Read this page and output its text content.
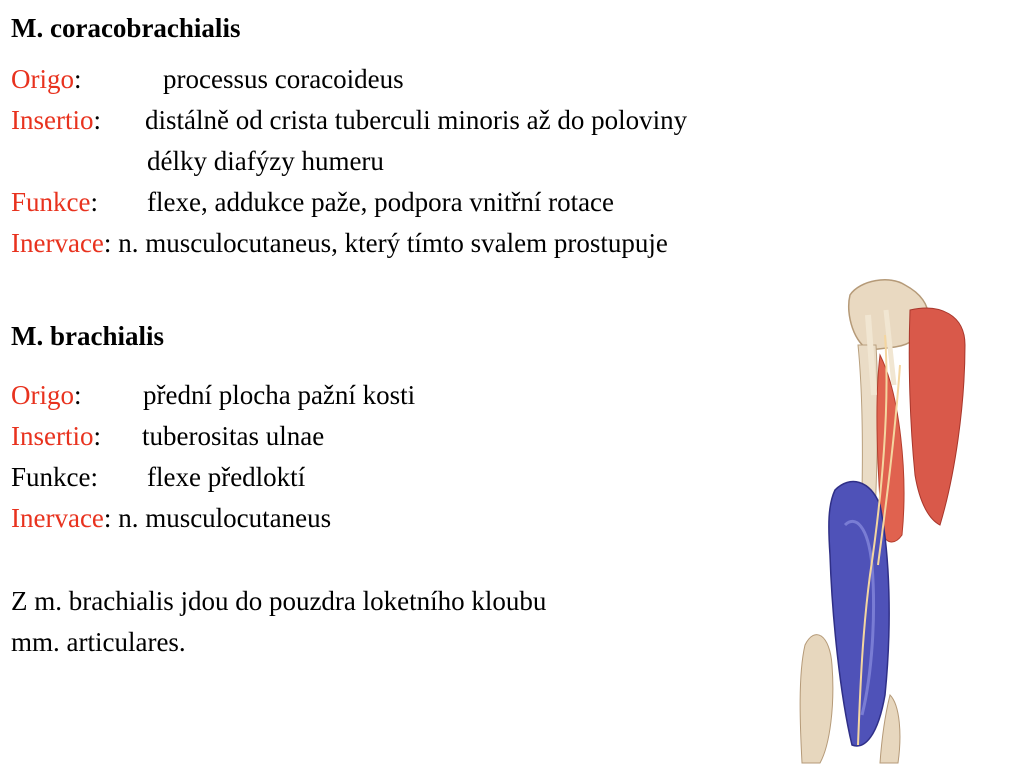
M. coracobrachialis
Origo:	processus coracoideus
Insertio: distálně od crista tuberculi minoris až do poloviny
délky diafýzy humeru
Funkce: flexe, addukce paže, podpora vnitřní rotace
Inervace: n. musculocutaneus, který tímto svalem prostupuje
M. brachialis
Origo: přední plocha pažní kosti
Insertio: tuberositas ulnae
Funkce: flexe předloktí
Inervace: n. musculocutaneus
Z m. brachialis jdou do pouzdra loketního kloubu
mm. articulares.
